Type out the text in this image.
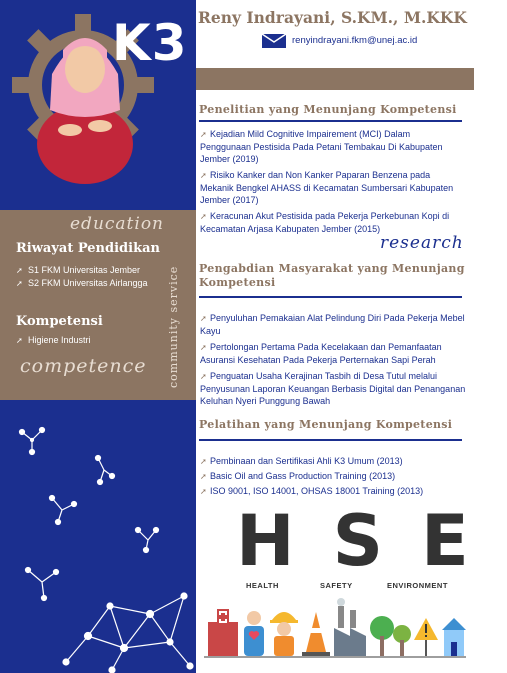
K3
education
Riwayat Pendidikan
➚ S1 FKM Universitas Jember
➚ S2 FKM Universitas Airlangga
Kompetensi
➚ Higiene Industri
competence community service
Reny Indrayani, S.KM., M.KKK
renyindrayani.fkm@unej.ac.id
Penelitian yang Menunjang Kompetensi
➚ Kejadian Mild Cognitive Impairement (MCI) Dalam Penggunaan Pestisida Pada Petani Tembakau Di Kabupaten Jember (2019)
➚ Risiko Kanker dan Non Kanker Paparan Benzena pada Mekanik Bengkel AHASS di Kecamatan Sumbersari Kabupaten Jember (2017)
➚ Keracunan Akut Pestisida pada Pekerja Perkebunan Kopi di Kecamatan Arjasa Kabupaten Jember (2015)
research
Pengabdian Masyarakat yang Menunjang Kompetensi
➚ Penyuluhan Pemakaian Alat Pelindung Diri Pada Pekerja Mebel Kayu
➚ Pertolongan Pertama Pada Kecelakaan dan Pemanfaatan Asuransi Kesehatan Pada Pekerja Perternakan Sapi Perah
➚ Penguatan Usaha Kerajinan Tasbih di Desa Tutul melalui Penyusunan Laporan Keuangan Berbasis Digital dan Penanganan Keluhan Nyeri Punggung Bawah
Pelatihan yang Menunjang Kompetensi
➚ Pembinaan dan Sertifikasi Ahli K3 Umum (2013)
➚ Basic Oil and Gass Production Training (2013)
➚ ISO 9001, ISO 14001, OHSAS 18001 Training (2013)
HSE
HEALTH	SAFETY	ENVIRONMENT
